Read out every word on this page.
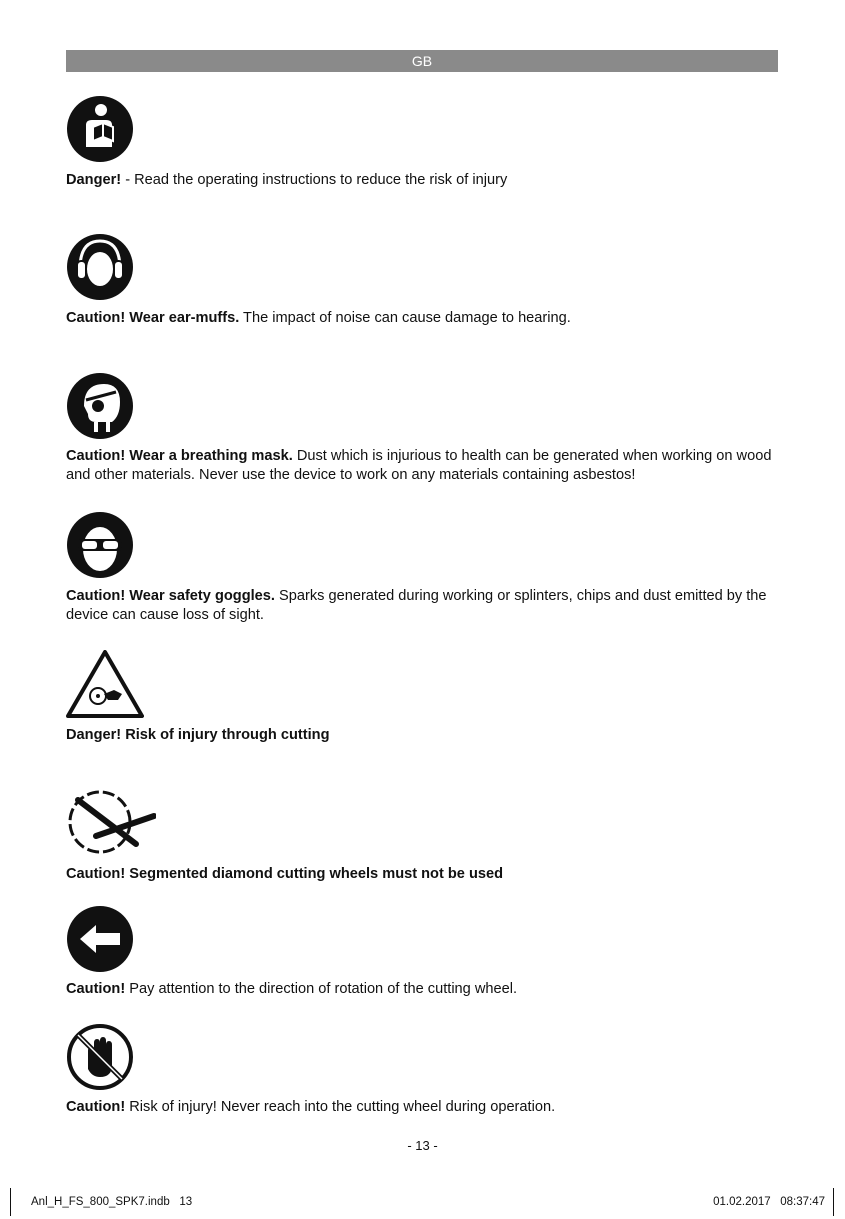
GB
Danger! - Read the operating instructions to reduce the risk of injury
Caution! Wear ear-muffs. The impact of noise can cause damage to hearing.
Caution! Wear a breathing mask. Dust which is injurious to health can be generated when working on wood and other materials. Never use the device to work on any materials containing asbestos!
Caution! Wear safety goggles. Sparks generated during working or splinters, chips and dust emitted by the device can cause loss of sight.
Danger! Risk of injury through cutting
Caution! Segmented diamond cutting wheels must not be used
Caution! Pay attention to the direction of rotation of the cutting wheel.
Caution! Risk of injury! Never reach into the cutting wheel during operation.
- 13 -
Anl_H_FS_800_SPK7.indb   13	01.02.2017   08:37:47
